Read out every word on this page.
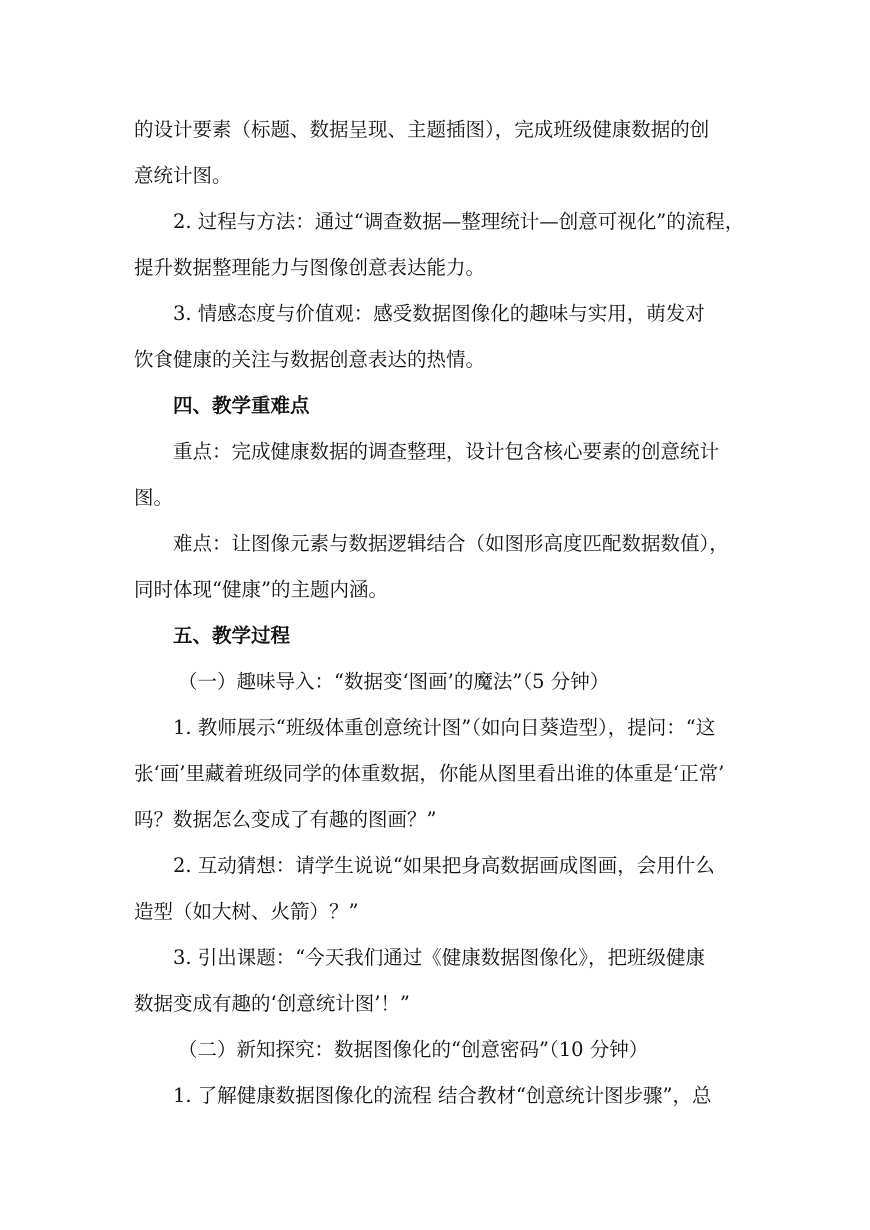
的设计要素（标题、数据呈现、主题插图），完成班级健康数据的创
意统计图。
2. 过程与方法：通过“调查数据—整理统计—创意可视化”的流程，
提升数据整理能力与图像创意表达能力。
3. 情感态度与价值观：感受数据图像化的趣味与实用，萌发对
饮食健康的关注与数据创意表达的热情。
四、教学重难点
重点：完成健康数据的调查整理，设计包含核心要素的创意统计
图。
难点：让图像元素与数据逻辑结合（如图形高度匹配数据数值），
同时体现“健康”的主题内涵。
五、教学过程
（一）趣味导入：“数据变‘图画’的魔法”（5 分钟）
1. 教师展示“班级体重创意统计图”（如向日葵造型），提问：“这
张‘画’里藏着班级同学的体重数据，你能从图里看出谁的体重是‘正常’
吗？数据怎么变成了有趣的图画？”
2. 互动猜想：请学生说说“如果把身高数据画成图画，会用什么
造型（如大树、火箭）？”
3. 引出课题：“今天我们通过《健康数据图像化》，把班级健康
数据变成有趣的‘创意统计图’！”
（二）新知探究：数据图像化的“创意密码”（10 分钟）
1. 了解健康数据图像化的流程 结合教材“创意统计图步骤”，总
